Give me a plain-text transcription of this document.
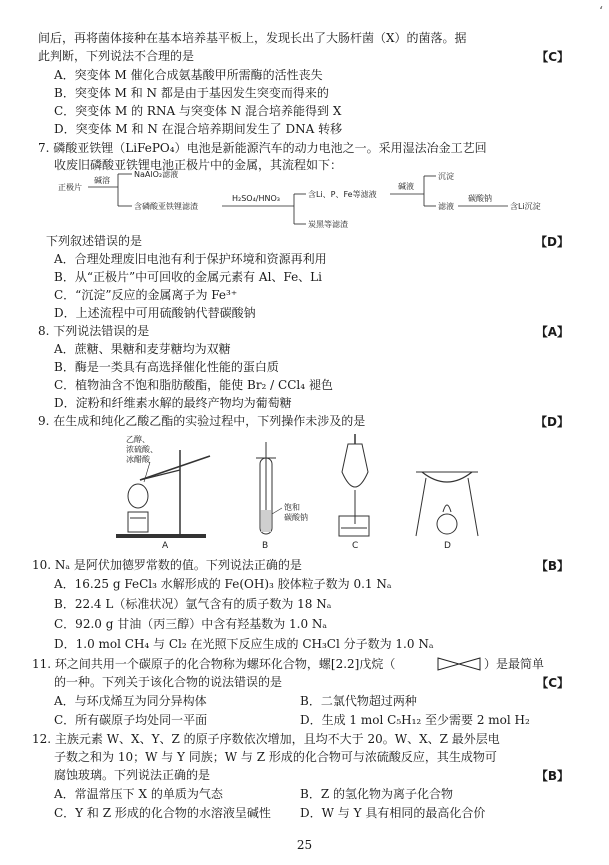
‘
间后，再将菌体接种在基本培养基平板上，发现长出了大肠杆菌（X）的菌落。据
此判断，下列说法不合理的是	【C】
A．突变体 M 催化合成氨基酸甲所需酶的活性丧失
B．突变体 M 和 N 都是由于基因发生突变而得来的
C．突变体 M 的 RNA 与突变体 N 混合培养能得到 X
D．突变体 M 和 N 在混合培养期间发生了 DNA 转移
7. 磷酸亚铁锂（LiFePO₄）电池是新能源汽车的动力电池之一。采用湿法冶金工艺回
收废旧磷酸亚铁锂电池正极片中的金属，其流程如下：
正极片
碱溶
NaAlO₂滤液
含磷酸亚铁锂滤渣
H₂SO₄/HNO₃	含Li、P、Fe等滤液
炭黑等滤渣
碱液
沉淀
滤液
碳酸钠
含Li沉淀
下列叙述错误的是	【D】
A．合理处理废旧电池有利于保护环境和资源再利用
B．从“正极片”中可回收的金属元素有 Al、Fe、Li
C．“沉淀”反应的金属离子为 Fe³⁺
D．上述流程中可用硫酸钠代替碳酸钠
8. 下列说法错误的是	【A】
A．蔗糖、果糖和麦芽糖均为双糖
B．酶是一类具有高选择催化性能的蛋白质
C．植物油含不饱和脂肪酸酯，能使 Br₂ / CCl₄ 褪色
D．淀粉和纤维素水解的最终产物均为葡萄糖
9. 在生成和纯化乙酸乙酯的实验过程中，下列操作未涉及的是	【D】
乙醇、
浓硫酸、
冰醋酸
饱和
碳酸钠
A	B	C	D
10. Nₐ 是阿伏加德罗常数的值。下列说法正确的是	【B】
A．16.25 g FeCl₃ 水解形成的 Fe(OH)₃ 胶体粒子数为 0.1 Nₐ
B．22.4 L（标准状况）氩气含有的质子数为 18 Nₐ
C．92.0 g 甘油（丙三醇）中含有羟基数为 1.0 Nₐ
D．1.0 mol CH₄ 与 Cl₂ 在光照下反应生成的 CH₃Cl 分子数为 1.0 Nₐ
11. 环之间共用一个碳原子的化合物称为螺环化合物，螺[2.2]戊烷（	）是最简单
的一种。下列关于该化合物的说法错误的是	【C】
A．与环戊烯互为同分异构体	B．二氯代物超过两种
C．所有碳原子均处同一平面	D．生成 1 mol C₅H₁₂ 至少需要 2 mol H₂
12. 主族元素 W、X、Y、Z 的原子序数依次增加，且均不大于 20。W、X、Z 最外层电
子数之和为 10；W 与 Y 同族；W 与 Z 形成的化合物可与浓硫酸反应，其生成物可
腐蚀玻璃。下列说法正确的是	【B】
A．常温常压下 X 的单质为气态	B．Z 的氢化物为离子化合物
C．Y 和 Z 形成的化合物的水溶液呈碱性 D．W 与 Y 具有相同的最高化合价
25
